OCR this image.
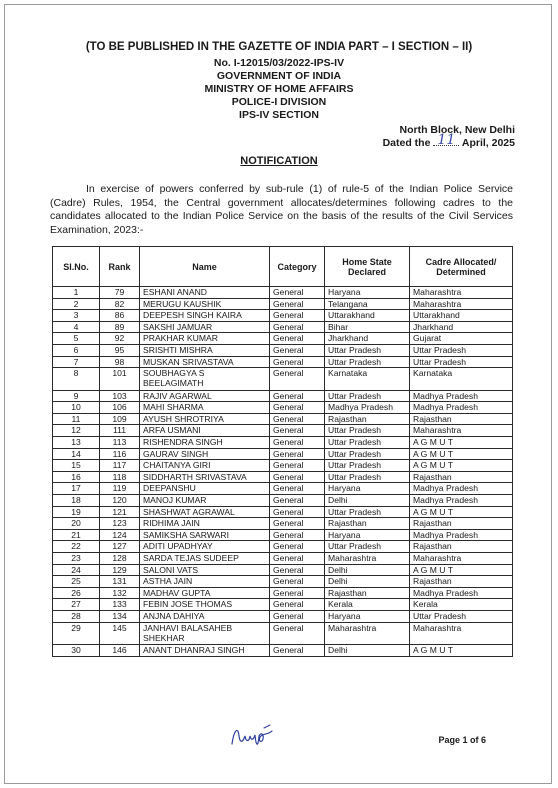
(TO BE PUBLISHED IN THE GAZETTE OF INDIA PART – I SECTION – II)
No. I-12015/03/2022-IPS-IV
GOVERNMENT OF INDIA
MINISTRY OF HOME AFFAIRS
POLICE-I DIVISION
IPS-IV SECTION
North Block, New Delhi
Dated the 11 April, 2025
NOTIFICATION

In exercise of powers conferred by sub-rule (1) of rule-5 of the Indian Police Service (Cadre) Rules, 1954, the Central government allocates/determines following cadres to the candidates allocated to the Indian Police Service on the basis of the results of the Civil Services Examination, 2023:-

Sl.No.	Rank	Name	Category	Home State Declared	Cadre Allocated/ Determined
1	79	ESHANI ANAND	General	Haryana	Maharashtra
2	82	MERUGU KAUSHIK	General	Telangana	Maharashtra
3	86	DEEPESH SINGH KAIRA	General	Uttarakhand	Uttarakhand
4	89	SAKSHI JAMUAR	General	Bihar	Jharkhand
5	92	PRAKHAR KUMAR	General	Jharkhand	Gujarat
6	95	SRISHTI MISHRA	General	Uttar Pradesh	Uttar Pradesh
7	98	MUSKAN SRIVASTAVA	General	Uttar Pradesh	Uttar Pradesh
8	101	SOUBHAGYA S BEELAGIMATH	General	Karnataka	Karnataka
9	103	RAJIV AGARWAL	General	Uttar Pradesh	Madhya Pradesh
10	106	MAHI SHARMA	General	Madhya Pradesh	Madhya Pradesh
11	109	AYUSH SHROTRIYA	General	Rajasthan	Rajasthan
12	111	ARFA USMANI	General	Uttar Pradesh	Maharashtra
13	113	RISHENDRA SINGH	General	Uttar Pradesh	A G M U T
14	116	GAURAV SINGH	General	Uttar Pradesh	A G M U T
15	117	CHAITANYA GIRI	General	Uttar Pradesh	A G M U T
16	118	SIDDHARTH SRIVASTAVA	General	Uttar Pradesh	Rajasthan
17	119	DEEPANSHU	General	Haryana	Madhya Pradesh
18	120	MANOJ KUMAR	General	Delhi	Madhya Pradesh
19	121	SHASHWAT AGRAWAL	General	Uttar Pradesh	A G M U T
20	123	RIDHIMA JAIN	General	Rajasthan	Rajasthan
21	124	SAMIKSHA SARWARI	General	Haryana	Madhya Pradesh
22	127	ADITI UPADHYAY	General	Uttar Pradesh	Rajasthan
23	128	SARDA TEJAS SUDEEP	General	Maharashtra	Maharashtra
24	129	SALONI VATS	General	Delhi	A G M U T
25	131	ASTHA JAIN	General	Delhi	Rajasthan
26	132	MADHAV GUPTA	General	Rajasthan	Madhya Pradesh
27	133	FEBIN JOSE THOMAS	General	Kerala	Kerala
28	134	ANJNA DAHIYA	General	Haryana	Uttar Pradesh
29	145	JANHAVI BALASAHEB SHEKHAR	General	Maharashtra	Maharashtra
30	146	ANANT DHANRAJ SINGH	General	Delhi	A G M U T
Page 1 of 6
